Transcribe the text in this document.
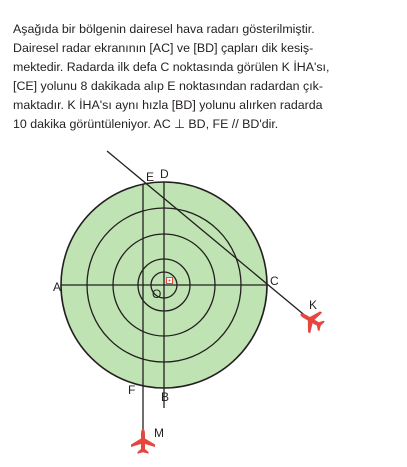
Aşağıda bir bölgenin dairesel hava radarı gösterilmiştir.

Dairesel radar ekranının [AC] ve [BD] çapları dik kesiş-

mektedir. Radarda ilk defa C noktasında görülen K İHA'sı,

[CE] yolunu 8 dakikada alıp E noktasından radardan çık-

maktadır. K İHA'sı aynı hızla [BD] yolunu alırken radarda

10 dakika görüntüleniyor. AC ⊥ BD, FE // BD'dir.

A	C
D
E
O
F B
K
M
